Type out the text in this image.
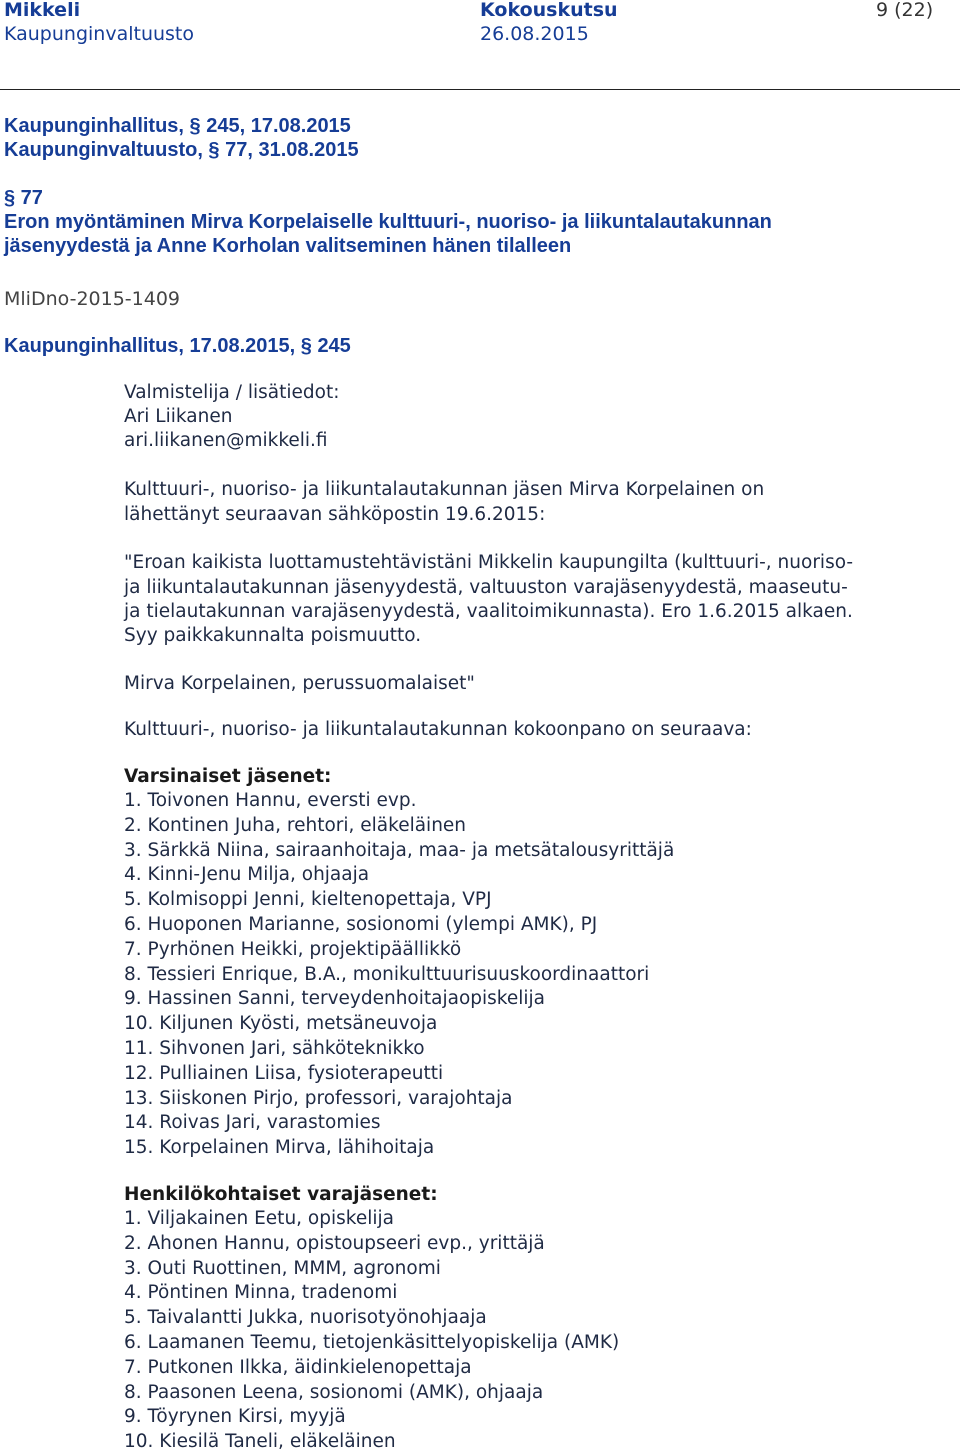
Mikkeli	Kokouskutsu	9 (22)
Kaupunginvaltuusto	26.08.2015
Kaupunginhallitus, § 245, 17.08.2015
Kaupunginvaltuusto, § 77, 31.08.2015
§ 77
Eron myöntäminen Mirva Korpelaiselle kulttuuri-, nuoriso- ja liikuntalautakunnan
jäsenyydestä ja Anne Korholan valitseminen hänen tilalleen
MliDno-2015-1409
Kaupunginhallitus, 17.08.2015, § 245
Valmistelija / lisätiedot:
Ari Liikanen
ari.liikanen@mikkeli.fi
Kulttuuri-, nuoriso- ja liikuntalautakunnan jäsen Mirva Korpelainen on
lähettänyt seuraavan sähköpostin 19.6.2015:
"Eroan kaikista luottamustehtävistäni Mikkelin kaupungilta (kulttuuri-, nuoriso-
ja liikuntalautakunnan jäsenyydestä, valtuuston varajäsenyydestä, maaseutu-
ja tielautakunnan varajäsenyydestä, vaalitoimikunnasta). Ero 1.6.2015 alkaen.
Syy paikkakunnalta poismuutto.
Mirva Korpelainen, perussuomalaiset"
Kulttuuri-, nuoriso- ja liikuntalautakunnan kokoonpano on seuraava:
Varsinaiset jäsenet:
1. Toivonen Hannu, eversti evp.
2. Kontinen Juha, rehtori, eläkeläinen
3. Särkkä Niina, sairaanhoitaja, maa- ja metsätalousyrittäjä
4. Kinni-Jenu Milja, ohjaaja
5. Kolmisoppi Jenni, kieltenopettaja, VPJ
6. Huoponen Marianne, sosionomi (ylempi AMK), PJ
7. Pyrhönen Heikki, projektipäällikkö
8. Tessieri Enrique, B.A., monikulttuurisuuskoordinaattori
9. Hassinen Sanni, terveydenhoitajaopiskelija
10. Kiljunen Kyösti, metsäneuvoja
11. Sihvonen Jari, sähköteknikko
12. Pulliainen Liisa, fysioterapeutti
13. Siiskonen Pirjo, professori, varajohtaja
14. Roivas Jari, varastomies
15. Korpelainen Mirva, lähihoitaja
Henkilökohtaiset varajäsenet:
1. Viljakainen Eetu, opiskelija
2. Ahonen Hannu, opistoupseeri evp., yrittäjä
3. Outi Ruottinen, MMM, agronomi
4. Pöntinen Minna, tradenomi
5. Taivalantti Jukka, nuorisotyönohjaaja
6. Laamanen Teemu, tietojenkäsittelyopiskelija (AMK)
7. Putkonen Ilkka, äidinkielenopettaja
8. Paasonen Leena, sosionomi (AMK), ohjaaja
9. Töyrynen Kirsi, myyjä
10. Kiesilä Taneli, eläkeläinen
